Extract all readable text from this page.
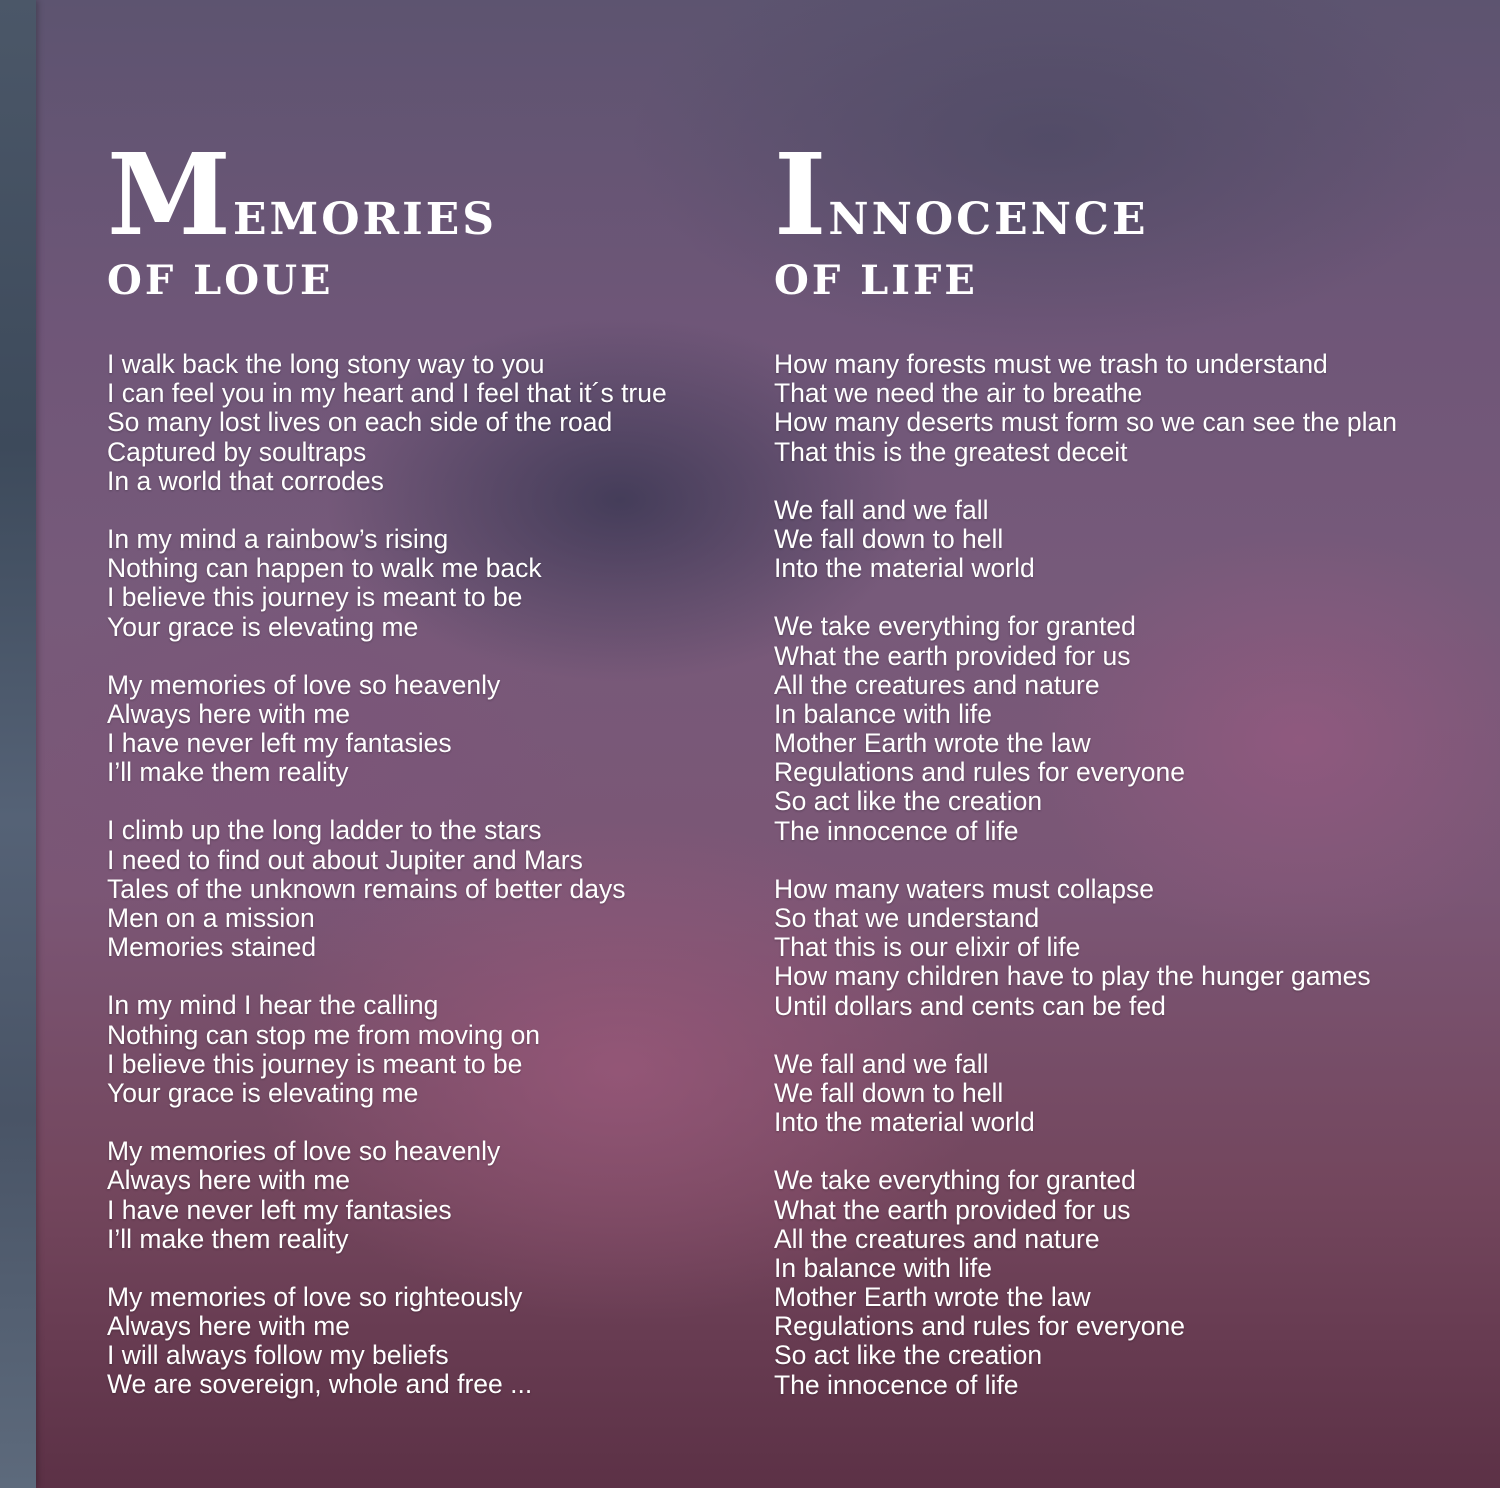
MEMORIES
OF LOUE
I walk back the long stony way to you
I can feel you in my heart and I feel that it´s true
So many lost lives on each side of the road
Captured by soultraps
In a world that corrodes
In my mind a rainbow’s rising
Nothing can happen to walk me back
I believe this journey is meant to be
Your grace is elevating me
My memories of love so heavenly
Always here with me
I have never left my fantasies
I’ll make them reality
I climb up the long ladder to the stars
I need to find out about Jupiter and Mars
Tales of the unknown remains of better days
Men on a mission
Memories stained
In my mind I hear the calling
Nothing can stop me from moving on
I believe this journey is meant to be
Your grace is elevating me
My memories of love so heavenly
Always here with me
I have never left my fantasies
I’ll make them reality
My memories of love so righteously
Always here with me
I will always follow my beliefs
We are sovereign, whole and free ...
INNOCENCE
OF LIFE
How many forests must we trash to understand
That we need the air to breathe
How many deserts must form so we can see the plan
That this is the greatest deceit
We fall and we fall
We fall down to hell
Into the material world
We take everything for granted
What the earth provided for us
All the creatures and nature
In balance with life
Mother Earth wrote the law
Regulations and rules for everyone
So act like the creation
The innocence of life
How many waters must collapse
So that we understand
That this is our elixir of life
How many children have to play the hunger games
Until dollars and cents can be fed
We fall and we fall
We fall down to hell
Into the material world
We take everything for granted
What the earth provided for us
All the creatures and nature
In balance with life
Mother Earth wrote the law
Regulations and rules for everyone
So act like the creation
The innocence of life
